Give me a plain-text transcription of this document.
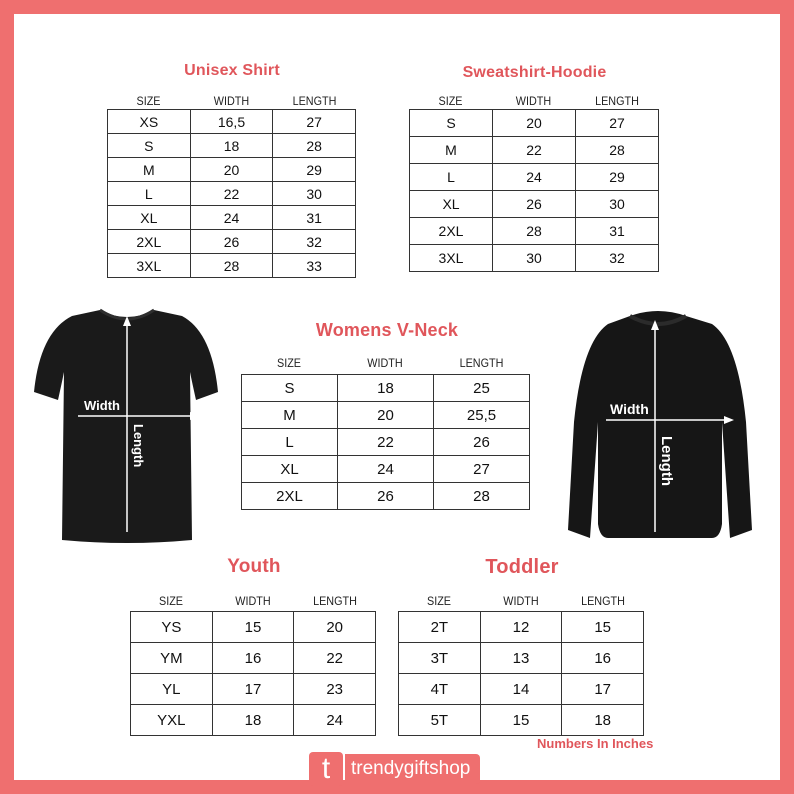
Unisex Shirt
SIZE	WIDTH	LENGTH
XS	16,5	27
S	18	28
M	20	29
L	22	30
XL	24	31
2XL	26	32
3XL	28	33
Sweatshirt-Hoodie
SIZE	WIDTH	LENGTH
S	20	27
M	22	28
L	24	29
XL	26	30
2XL	28	31
3XL	30	32
Width
Length
Womens V-Neck
SIZE	WIDTH	LENGTH
S	18	25
M	20	25,5
L	22	26
XL	24	27
2XL	26	28
Width
Length
Youth
SIZE	WIDTH	LENGTH
YS	15	20
YM	16	22
YL	17	23
YXL	18	24
Toddler
SIZE	WIDTH	LENGTH
2T	12	15
3T	13	16
4T	14	17
5T	15	18
Numbers In Inches
t	trendygiftshop
